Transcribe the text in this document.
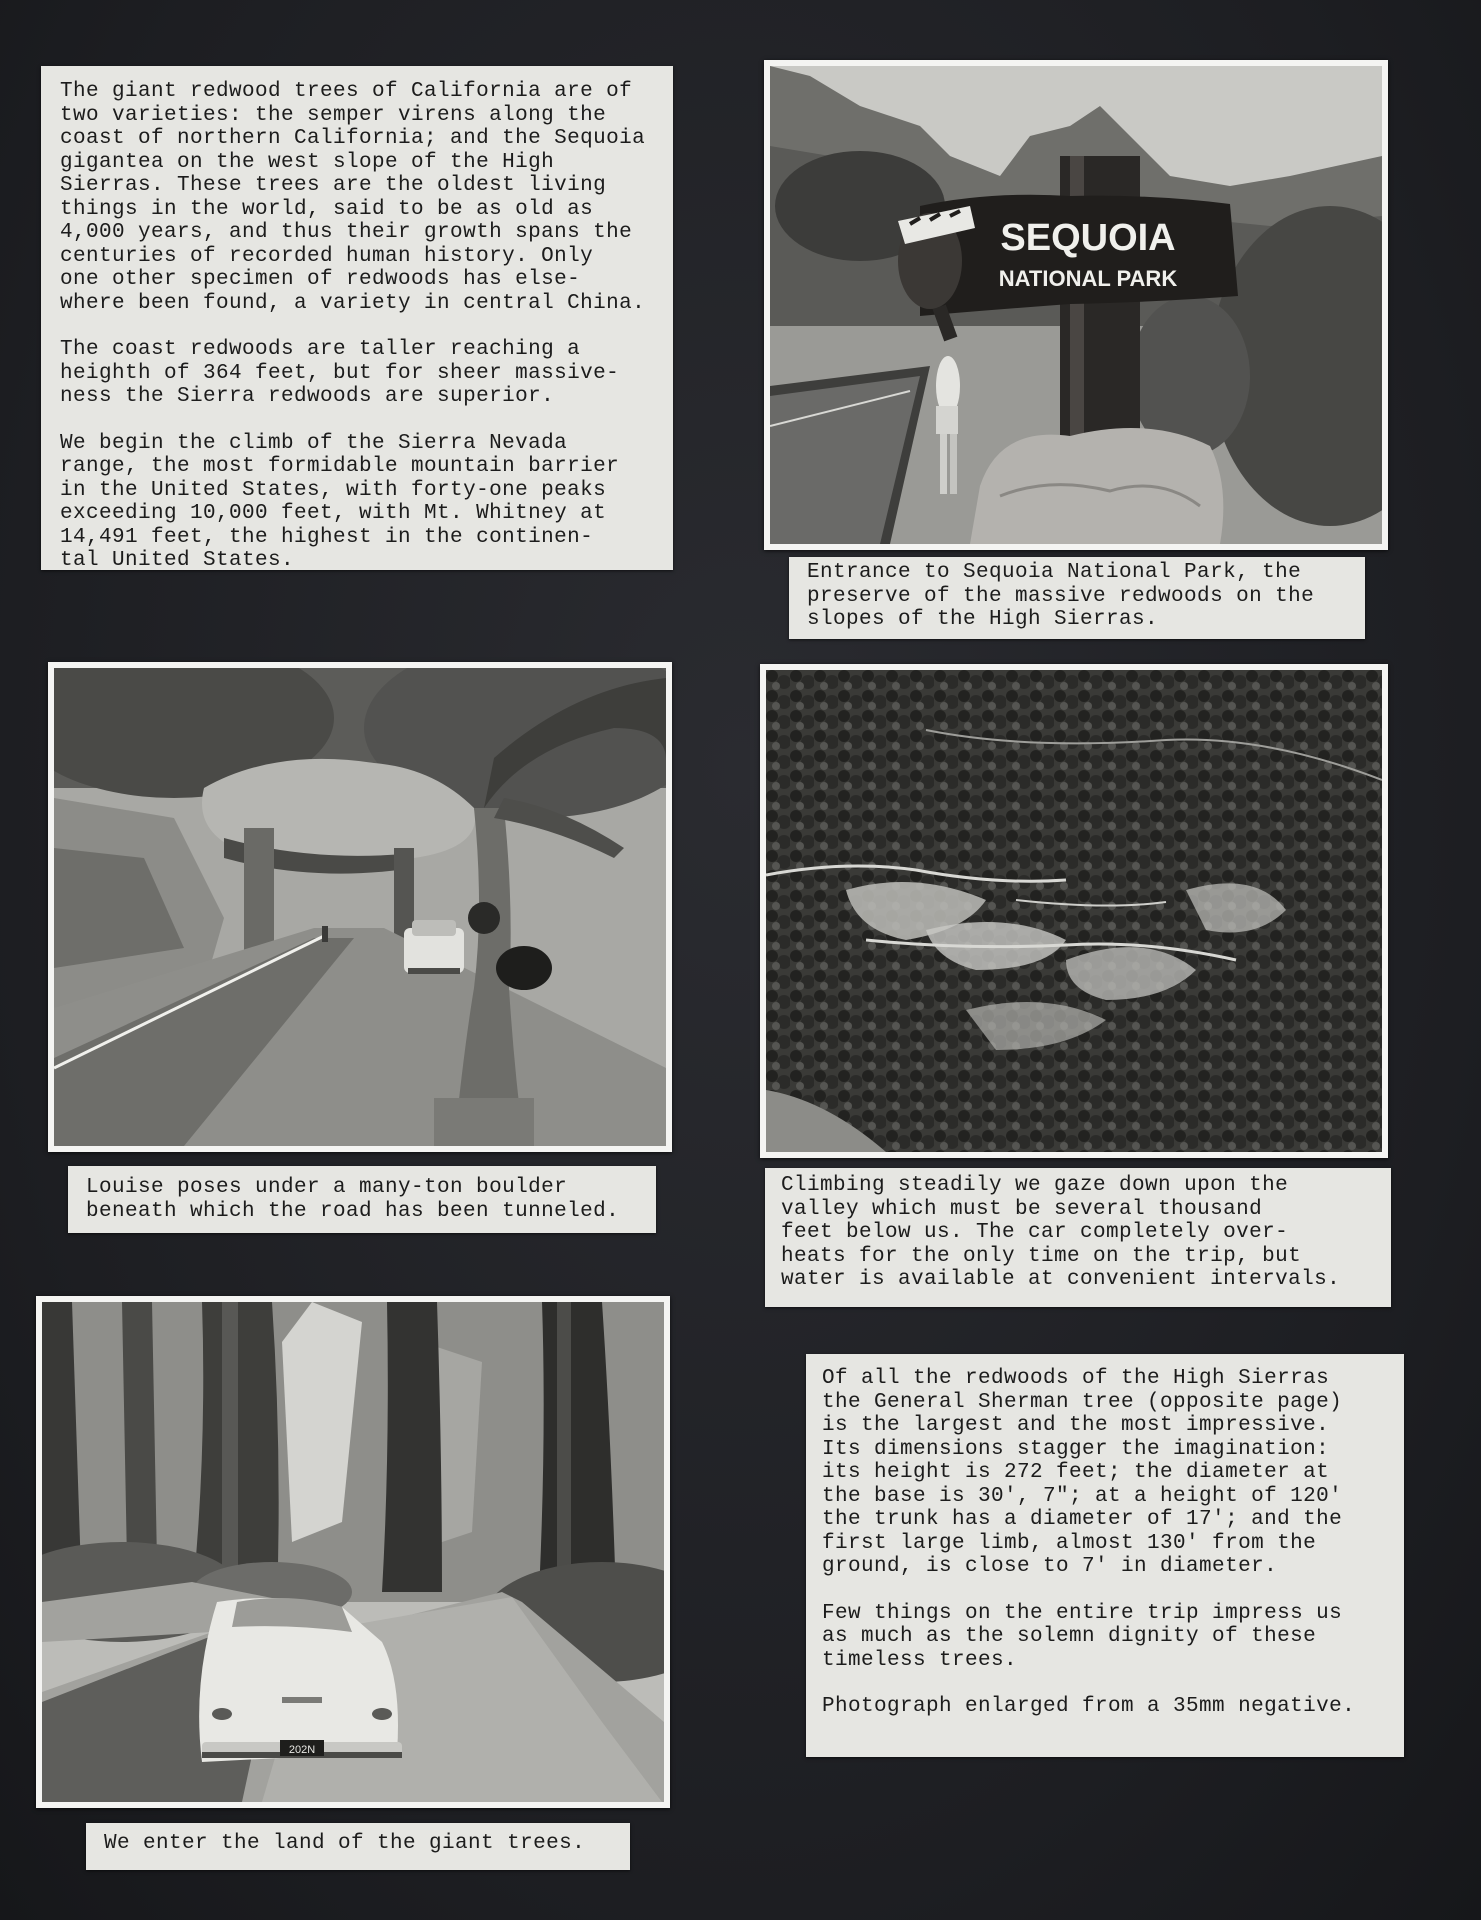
The giant redwood trees of California are of
two varieties: the semper virens along the
coast of northern California; and the Sequoia
gigantea on the west slope of the High
Sierras. These trees are the oldest living
things in the world, said to be as old as
4,000 years, and thus their growth spans the
centuries of recorded human history. Only
one other specimen of redwoods has else-
where been found, a variety in central China.

The coast redwoods are taller reaching a
heighth of 364 feet, but for sheer massive-
ness the Sierra redwoods are superior.

We begin the climb of the Sierra Nevada
range, the most formidable mountain barrier
in the United States, with forty-one peaks
exceeding 10,000 feet, with Mt. Whitney at
14,491 feet, the highest in the continen-
tal United States.

SEQUOIA
NATIONAL PARK
Entrance to Sequoia National Park, the
preserve of the massive redwoods on the
slopes of the High Sierras.
Louise poses under a many-ton boulder
beneath which the road has been tunneled.
Climbing steadily we gaze down upon the
valley which must be several thousand
feet below us. The car completely over-
heats for the only time on the trip, but
water is available at convenient intervals.
202N
We enter the land of the giant trees.

Of all the redwoods of the High Sierras
the General Sherman tree (opposite page)
is the largest and the most impressive.
Its dimensions stagger the imagination:
its height is 272 feet; the diameter at
the base is 30', 7"; at a height of 120'
the trunk has a diameter of 17'; and the
first large limb, almost 130' from the
ground, is close to 7' in diameter.

Few things on the entire trip impress us
as much as the solemn dignity of these
timeless trees.

Photograph enlarged from a 35mm negative.
